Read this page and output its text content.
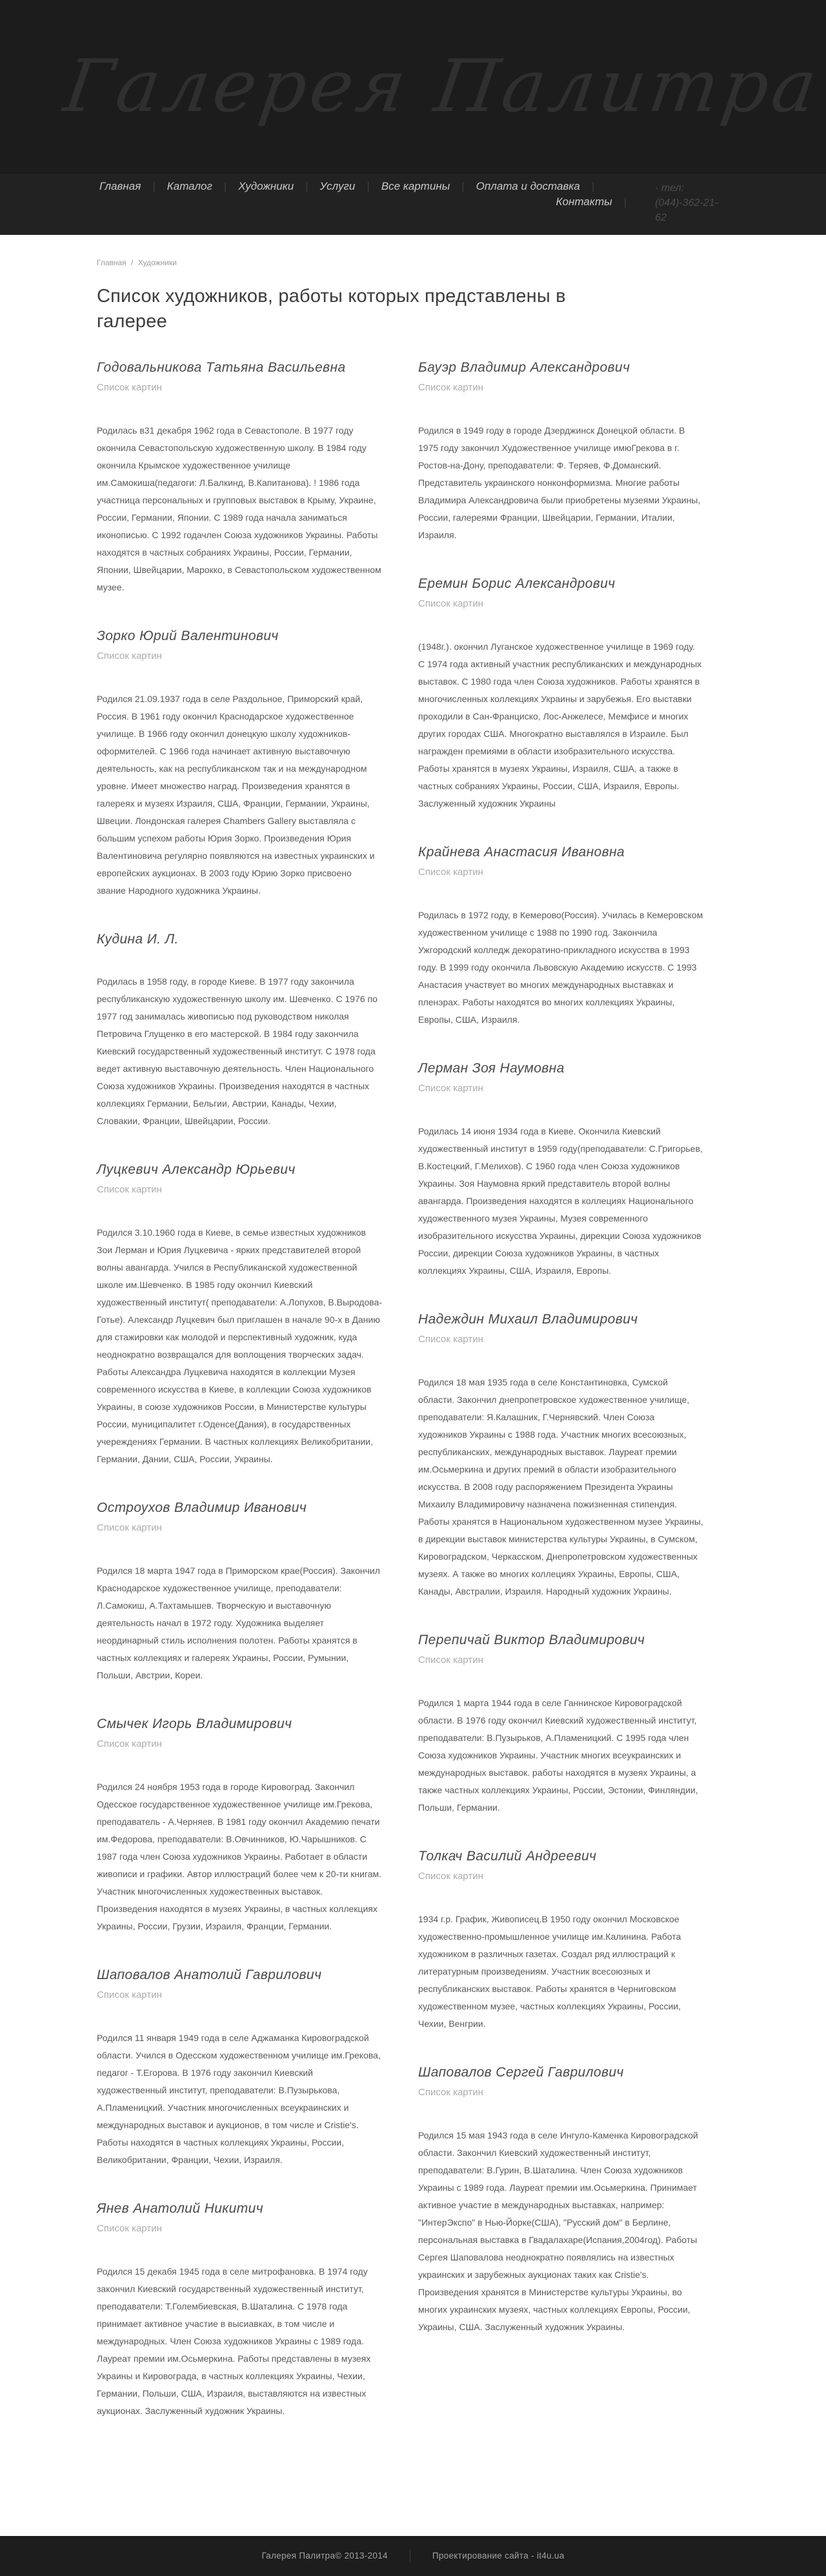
Галерея Палитра
Главная | Каталог | Художники | Услуги | Все картины | Оплата и доставка |
Контакты |
· тел:
(044)-362-21-62
Главная / Художники
Список художников, работы которых представлены в галерее
Годовальникова Татьяна Васильевна
Список картин

Родилась в31 декабря 1962 года в Севастополе. В 1977 году окончила Севастопольскую художественную школу. В 1984 году окончила Крымское художественное училище им.Самокиша(педагоги: Л.Балкинд, В.Капитанова). ! 1986 года участница персональных и групповых выставок в Крыму, Украине, России, Германии, Японии. С 1989 года начала заниматься иконописью. С 1992 годачлен Союза художников Украины. Работы находятся в частных собраниях Украины, России, Германии, Японии, Швейцарии, Марокко, в Севастопольском художественном музее.

Зорко Юрий Валентинович
Список картин

Родился 21.09.1937 года в селе Раздольное, Приморский край, Россия. В 1961 году окончил Краснодарское художественное училище. В 1966 году окончил донецкую школу художников-оформителей. С 1966 года начинает активную выставочную деятельность, как на республиканском так и на международном уровне. Имеет множество наград. Произведения хранятся в галереях и музеях Израиля, США, Франции, Германии, Украины, Швеции. Лондонская галерея Chambers Gallery выставляла с большим успехом работы Юрия Зорко. Произведения Юрия Валентиновича регулярно появляются на известных украинских и европейских аукционах. В 2003 году Юрию Зорко присвоено звание Народного художника Украины.

Кудина И. Л.

Родилась в 1958 году, в городе Киеве. В 1977 году закончила республиканскую художественную школу им. Шевченко. С 1976 по 1977 год занималась живописью под руководством николая Петровича Глущенко в его мастерской. В 1984 году закончила Киевский государственный художественный институт. С 1978 года ведет активную выставочную деятельность. Член Национального Союза художников Украины. Произведения находятся в частных коллекциях Германии, Бельгии, Австрии, Канады, Чехии, Словакии, Франции, Швейцарии, России.

Луцкевич Александр Юрьевич
Список картин

Родился 3.10.1960 года в Киеве, в семье известных художников Зои Лерман и Юрия Луцкевича - ярких представителей второй волны авангарда. Учился в Республиканской художественной школе им.Шевченко. В 1985 году окончил Киевский художественный институт( преподаватели: А.Лопухов, В.Выродова-Готье). Александр Луцкевич был приглашен в начале 90-х в Данию для стажировки как молодой и перспективный художник, куда неоднократно возвращался для воплощения творческих задач. Работы Александра Луцкевича находятся в коллекции Музея современного искусства в Киеве, в коллекции Союза художников Украины, в союзе художников России, в Министерстве культуры России, муниципалитет г.Оденсе(Дания), в государственных учереждениях Германии. В частных коллекциях Великобритании, Германии, Дании, США, России, Украины.

Остроухов Владимир Иванович
Список картин

Родился 18 марта 1947 года в Приморском крае(Россия). Закончил Краснодарское художественное училище, преподаватели: Л.Самокиш, А.Тахтамышев. Творческую и выставочную деятельность начал в 1972 году. Художника выделяет неординарный стиль исполнения полотен. Работы хранятся в частных коллекциях и галереях Украины, России, Румынии, Польши, Австрии, Кореи.

Смычек Игорь Владимирович
Список картин

Родился 24 ноября 1953 года в городе Кировоград. Закончил Одесское государственное художественное училище им.Грекова, преподаватель - А.Черняев. В 1981 году окончил Академию печати им.Федорова, преподаватели: В.Овчинников, Ю.Чарышников. С 1987 года член Союза художников Украины. Работает в области живописи и графики. Автор иллюстраций более чем к 20-ти книгам. Участник многочисленных художественных выставок. Произведения находятся в музеях Украины, в частных коллекциях Украины, России, Грузии, Израиля, Франции, Германии.

Шаповалов Анатолий Гаврилович
Список картин

Родился 11 января 1949 года в селе Аджаманка Кировоградской области. Учился в Одесском художественном училище им.Грекова, педагог - Т.Егорова. В 1976 году закончил Киевский художественный институт, преподаватели: В.Пузырькова, А.Пламеницкий. Участник многочисленных всеукраинских и международных выставок и аукционов, в том числе и Cristie's. Работы находятся в частных коллекциях Украины, России, Великобритании, Франции, Чехии, Израиля.

Янев Анатолий Никитич
Список картин

Родился 15 декабя 1945 года в селе митрофановка. В 1974 году закончил Киевский государственный художественный институт, преподаватели: Т.Голембиевская, В.Шаталина. С 1978 года принимает активное участие в высиавках, в том числе и международных. Член Союза художников Украины с 1989 года. Лауреат премии им.Осьмеркина. Работы представлены в музеях Украины и Кировограда, в частных коллекциях Украины, Чехии, Германии, Польши, США, Израиля, выставляются на известных аукционах. Заслуженный художник Украины.

Бауэр Владимир Александрович
Список картин

Родился в 1949 году в городе Дзерджинск Донецкой области. В 1975 году закончил Художественное училище имюГрекова в г. Ростов-на-Дону, преподаватели: Ф. Теряев, Ф.Доманский. Представитель украинского нонконформизма. Многие работы Владимира Александровича были приобретены музеями Украины, России, галереями Франции, Швейцарии, Германии, Италии, Израиля.

Еремин Борис Александрович
Список картин

(1948г.). окончил Луганское художественное училище в 1969 году. С 1974 года активный участник республиканских и международных выставок. С 1980 года член Союза художников. Работы хранятся в многочисленных коллекциях Украины и зарубежья. Его выставки проходили в Сан-Франциско, Лос-Анжелесе, Мемфисе и многих других городах США. Многократно выставлялся в Израиле. Был награжден премиями в области изобразительного искусства. Работы хранятся в музеях Украины, Израиля, США, а также в частных собраниях Украины, России, США, Израиля, Европы. Заслуженный художник Украины

Крайнева Анастасия Ивановна
Список картин

Родилась в 1972 году, в Кемерово(Россия). Училась в Кемеровском художественном училище с 1988 по 1990 год. Закончила Ужгородский колледж декоратино-прикладного искусства в 1993 году. В 1999 году окончила Львовскую Академию искусств. С 1993 Анастасия участвует во многих международных выставках и пленэрах. Работы находятся во многих коллекциях Украины, Европы, США, Израиля.

Лерман Зоя Наумовна
Список картин

Родилась 14 июня 1934 года в Киеве. Окончила Киевский художественный институт в 1959 году(преподаватели: С.Григорьев, В.Костецкий, Г.Мелихов). С 1960 года член Союза художников Украины. Зоя Наумовна яркий представитель второй волны авангарда. Произведения находятся в коллециях Национального художественного музея Украины, Музея современного изобразительного искусства Украины, дирекции Союза художников России, дирекции Союза художников Украины, в частных коллекциях Украины, США, Израиля, Европы.

Надеждин Михаил Владимирович
Список картин

Родился 18 мая 1935 года в селе Константиновка, Сумской области. Закончил днепропетровское художественное училище, преподаватели: Я.Калашник, Г.Чернявский. Член Союза художников Украины с 1988 года. Участник многих всесоюзных, республиканских, международных выставок. Лауреат премии им.Осьмеркина и других премий в области изобразительного искусства. В 2008 году распоряжением Президента Украины Михаилу Владимировичу назначена пожизненная стипендия. Работы хранятся в Национальном художественном музее Украины, в дирекции выставок министерства культуры Украины, в Сумском, Кировоградском, Черкасском, Днепропетровском художественных музеях. А также во многих коллециях Украины, Европы, США, Канады, Австралии, Израиля. Народный художник Украины.

Перепичай Виктор Владимирович
Список картин

Родился 1 марта 1944 года в селе Ганнинское Кировоградской области. В 1976 году окончил Киевский художественный институт, преподаватели: В.Пузырьков, А.Пламеницкий. С 1995 года член Союза художников Украины. Участник многих всеукраинских и международных выставок. работы находятся в музеях Украины, а также частных коллекциях Украины, России, Эстонии, Финляндии, Польши, Германии.

Толкач Василий Андреевич
Список картин

1934 г.р. График, Живописец.В 1950 году окончил Московское художественно-промышленное училище им.Калинина. Работа художником в различных газетах. Создал ряд иллюстраций к литературным произведениям. Участник всесоюзных и республиканских выставок. Работы хранятся в Черниговском художественном музее, частных коллекциях Украины, России, Чехии, Венгрии.

Шаповалов Сергей Гаврилович
Список картин

Родился 15 мая 1943 года в селе Ингуло-Каменка Кировоградской области. Закончил Киевский художественный институт, преподаватели: В.Гурин, В.Шаталина. Член Союза художников Украины с 1989 года. Лауреат премии им.Осьмеркина. Принимает активное участие в международных выставках, например: "ИнтерЭкспо" в Нью-Йорке(США), "Русский дом" в Берлине, персональная выставка в Гвадалахаре(Испания,2004год). Работы Сергея Шаповалова неоднократно появлялись на известных украинских и зарубежных аукционах таких как Cristie's. Произведения хранятся в Министерстве культуры Украины, во многих украинских музеях, частных коллекциях Европы, России, Украины, США. Заслуженный художник Украины.

Галерея Палитра© 2013-2014	Проектирование сайта - it4u.ua
